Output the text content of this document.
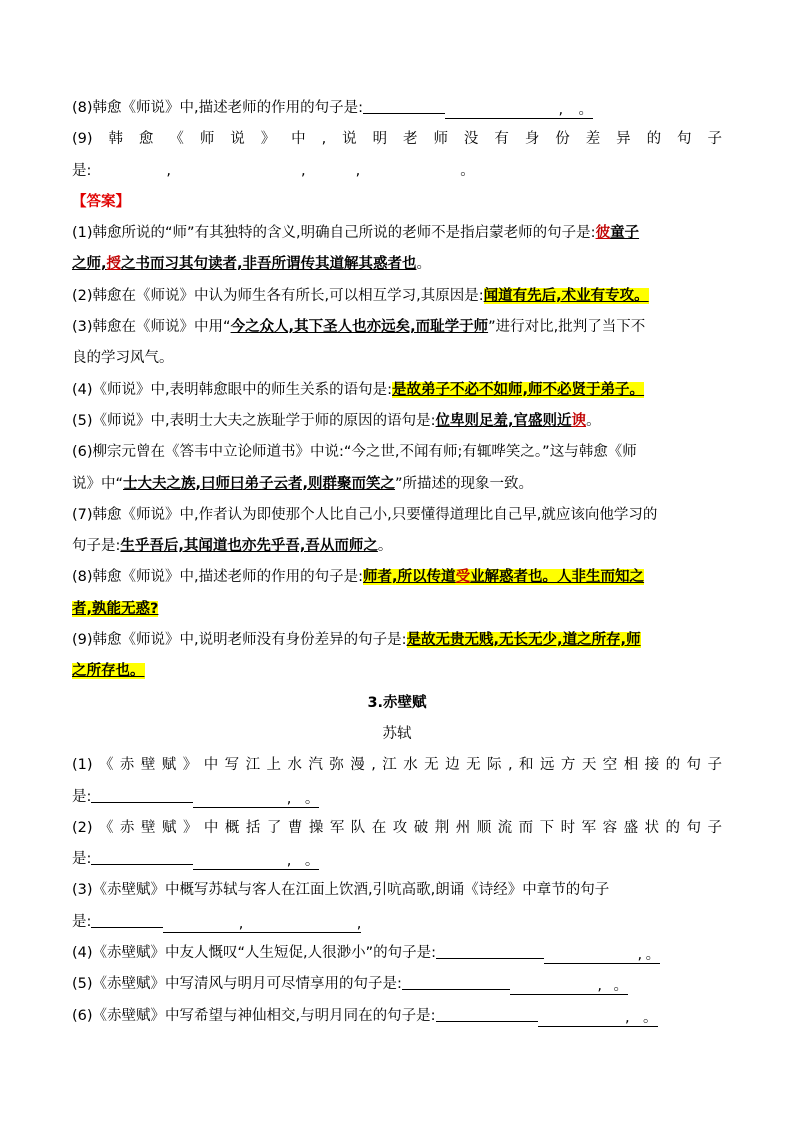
(8)韩愈《师说》中,描述老师的作用的句子是:	, 。
(9)韩愈《师说》中,说明老师没有身份差异的句子
是:	,	,	,	。
【答案】
(1)韩愈所说的“师”有其独特的含义,明确自己所说的老师不是指启蒙老师的句子是:彼童子
之师,授之书而习其句读者,非吾所谓传其道解其惑者也。
(2)韩愈在《师说》中认为师生各有所长,可以相互学习,其原因是:闻道有先后,术业有专攻。
(3)韩愈在《师说》中用“今之众人,其下圣人也亦远矣,而耻学于师”进行对比,批判了当下不
良的学习风气。
(4)《师说》中,表明韩愈眼中的师生关系的语句是:是故弟子不必不如师,师不必贤于弟子。
(5)《师说》中,表明士大夫之族耻学于师的原因的语句是:位卑则足羞,官盛则近谀。
(6)柳宗元曾在《答韦中立论师道书》中说:“今之世,不闻有师;有辄哗笑之。”这与韩愈《师
说》中“士大夫之族,曰师曰弟子云者,则群聚而笑之”所描述的现象一致。
(7)韩愈《师说》中,作者认为即使那个人比自己小,只要懂得道理比自己早,就应该向他学习的
句子是:生乎吾后,其闻道也亦先乎吾,吾从而师之。
(8)韩愈《师说》中,描述老师的作用的句子是:师者,所以传道受业解惑者也。人非生而知之
者,孰能无惑?
(9)韩愈《师说》中,说明老师没有身份差异的句子是:是故无贵无贱,无长无少,道之所存,师
之所存也。
3.赤壁赋
苏轼
(1)《赤壁赋》中写江上水汽弥漫,江水无边无际,和远方天空相接的句子
是:	, 。
(2)《赤壁赋》中概括了曹操军队在攻破荆州顺流而下时军容盛状的句子
是:	, 。
(3)《赤壁赋》中概写苏轼与客人在江面上饮酒,引吭高歌,朗诵《诗经》中章节的句子
是:	,	,
(4)《赤壁赋》中友人慨叹“人生短促,人很渺小”的句子是:	, 。
(5)《赤壁赋》中写清风与明月可尽情享用的句子是:	, 。
(6)《赤壁赋》中写希望与神仙相交,与明月同在的句子是:	, 。
